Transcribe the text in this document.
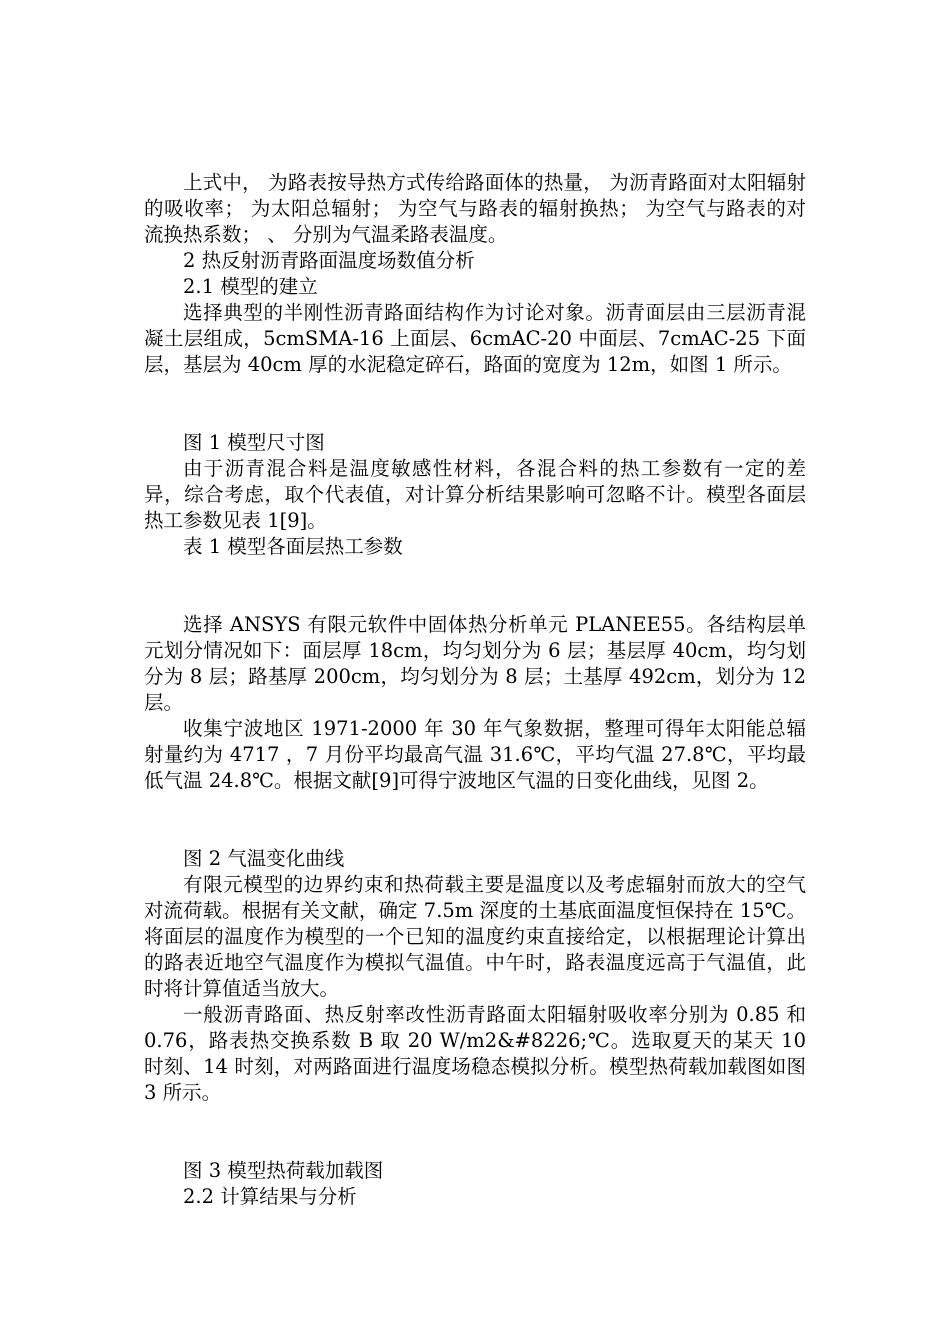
上式中， 为路表按导热方式传给路面体的热量， 为沥青路面对太阳辐射的吸收率； 为太阳总辐射； 为空气与路表的辐射换热； 为空气与路表的对流换热系数； 、 分别为气温柔路表温度。

2 热反射沥青路面温度场数值分析

2.1 模型的建立

选择典型的半刚性沥青路面结构作为讨论对象。沥青面层由三层沥青混凝土层组成，5cmSMA-16 上面层、6cmAC-20 中面层、7cmAC-25 下面层，基层为 40cm 厚的水泥稳定碎石，路面的宽度为 12m，如图 1 所示。

图 1 模型尺寸图

由于沥青混合料是温度敏感性材料，各混合料的热工参数有一定的差异，综合考虑，取个代表值，对计算分析结果影响可忽略不计。模型各面层热工参数见表 1[9]。

表 1 模型各面层热工参数

选择 ANSYS 有限元软件中固体热分析单元 PLANEE55。各结构层单元划分情况如下：面层厚 18cm，均匀划分为 6 层；基层厚 40cm，均匀划分为 8 层；路基厚 200cm，均匀划分为 8 层；土基厚 492cm，划分为 12 层。

收集宁波地区 1971-2000 年 30 年气象数据，整理可得年太阳能总辐射量约为 4717 ，7 月份平均最高气温 31.6℃，平均气温 27.8℃，平均最低气温 24.8℃。根据文献[9]可得宁波地区气温的日变化曲线，见图 2。

图 2 气温变化曲线

有限元模型的边界约束和热荷载主要是温度以及考虑辐射而放大的空气对流荷载。根据有关文献，确定 7.5m 深度的土基底面温度恒保持在 15℃。将面层的温度作为模型的一个已知的温度约束直接给定，以根据理论计算出的路表近地空气温度作为模拟气温值。中午时，路表温度远高于气温值，此时将计算值适当放大。

一般沥青路面、热反射率改性沥青路面太阳辐射吸收率分别为 0.85 和 0.76，路表热交换系数 B 取 20 W/m2&#8226;℃。选取夏天的某天 10 时刻、14 时刻，对两路面进行温度场稳态模拟分析。模型热荷载加载图如图 3 所示。

图 3 模型热荷载加载图

2.2 计算结果与分析
